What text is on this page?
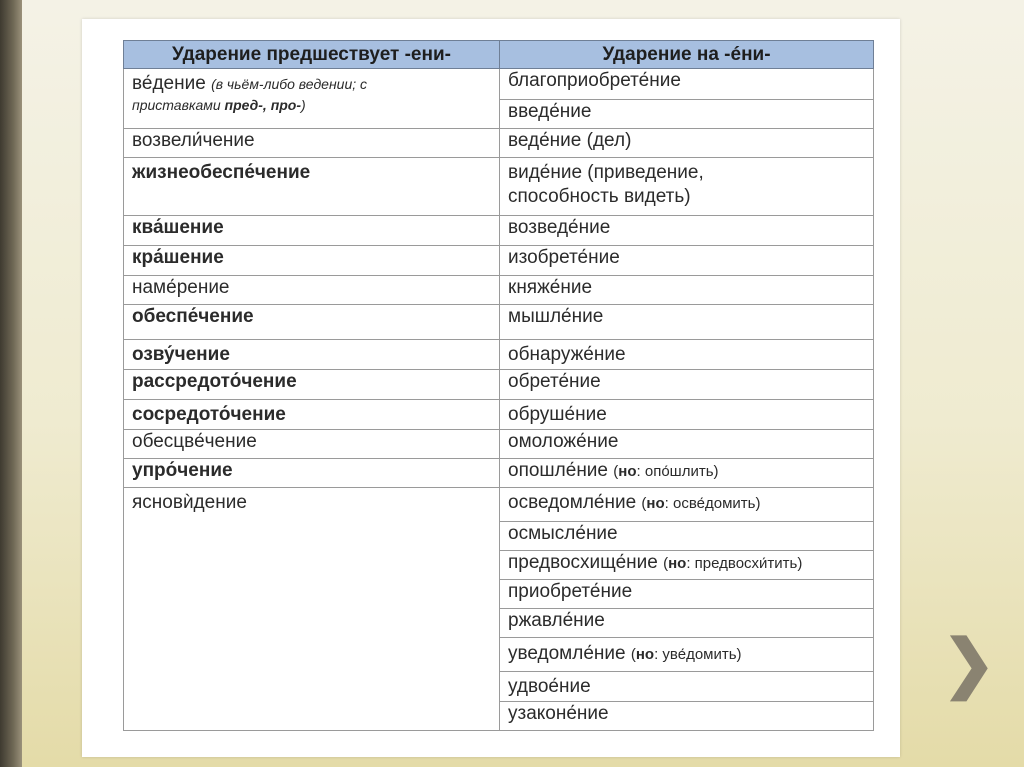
Ударение предшествует -ени-	Ударение на -éни-
ве́дение (в чьём-либо ведении; с
приставками пред-, про-)	благоприобрете́ние
	введе́ние
возвели́чение	веде́ние (дел)
жизнеобеспе́чение	виде́ние (приведение,
способность видеть)
ква́шение	возведе́ние
кра́шение	изобрете́ние
наме́рение	княже́ние
обеспе́чение	мышле́ние
озву́чение	обнаруже́ние
рассредото́чение	обрете́ние
сосредото́чение	обруше́ние
обесцве́чение	омоложе́ние
упро́чение	опошле́ние (но: опо́шлить)
ясновѝдение	осведомле́ние (но: осве́домить)
	осмысле́ние
	предвосхище́ние (но: предвосхи́тить)
	приобрете́ние
	ржавле́ние
	уведомле́ние (но: уве́домить)
	удвое́ние
	узаконе́ние
❯
